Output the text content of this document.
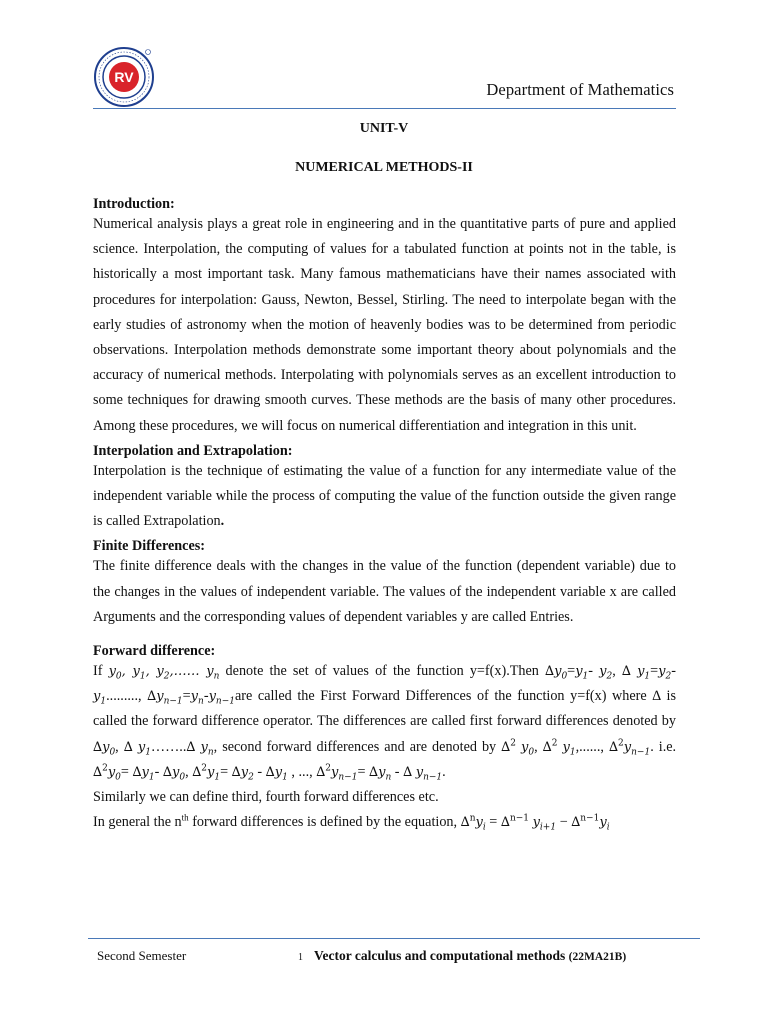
RV
Department of Mathematics
UNIT-V
NUMERICAL METHODS-II

Introduction:

Numerical analysis plays a great role in engineering and in the quantitative parts of pure and applied science. Interpolation, the computing of values for a tabulated function at points not in the table, is historically a most important task. Many famous mathematicians have their names associated with procedures for interpolation: Gauss, Newton, Bessel, Stirling. The need to interpolate began with the early studies of astronomy when the motion of heavenly bodies was to be determined from periodic observations. Interpolation methods demonstrate some important theory about polynomials and the accuracy of numerical methods. Interpolating with polynomials serves as an excellent introduction to some techniques for drawing smooth curves. These methods are the basis of many other procedures. Among these procedures, we will focus on numerical differentiation and integration in this unit.

Interpolation and Extrapolation:

Interpolation is the technique of estimating the value of a function for any intermediate value of the independent variable while the process of computing the value of the function outside the given range is called Extrapolation.

Finite Differences:

The finite difference deals with the changes in the value of the function (dependent variable) due to the changes in the values of independent variable. The values of the independent variable x are called Arguments and the corresponding values of dependent variables y are called Entries.

Forward difference:

If $y_0$, $y_1$, $y_2,\dots\dots$ $y_n$ denote the set of values of the function y=f(x).Then $\Delta y_0=y_1-$ $y_2$, ∆ $y_1=y_2-$ $y_1$........., $\Delta y_{n-1}=y_n-y_{n-1}are$ called the First Forward Differences of the function y=f(x) where ∆ is called the forward difference operator. The differences are called first forward differences denoted by $\Delta y_0$, ∆ $y_1\dots\dots..\Delta$ $y_n$, second forward differences and are denoted by ∆$^2$ $y_0$, ∆$^2$ $y_1$,......, $\Delta^2y_{n-1}$. i.e. $\Delta^2y_0= \Delta y_1-$ $\Delta y_0$, $\Delta^2y_1= \Delta y_2 - \Delta y_1$ , ..., $\Delta^2y_{n-1}= \Delta y_n$ - ∆ $y_{n-1}$.

Similarly we can define third, fourth forward differences etc.

In general the $n^{th}$ forward differences is defined by the equation, $\Delta^ny_i = \Delta^{n-1}$ $y_{i+1} - \Delta^{n-1}y_i$

Second Semester	1 Vector calculus and computational methods (22MA21B)
